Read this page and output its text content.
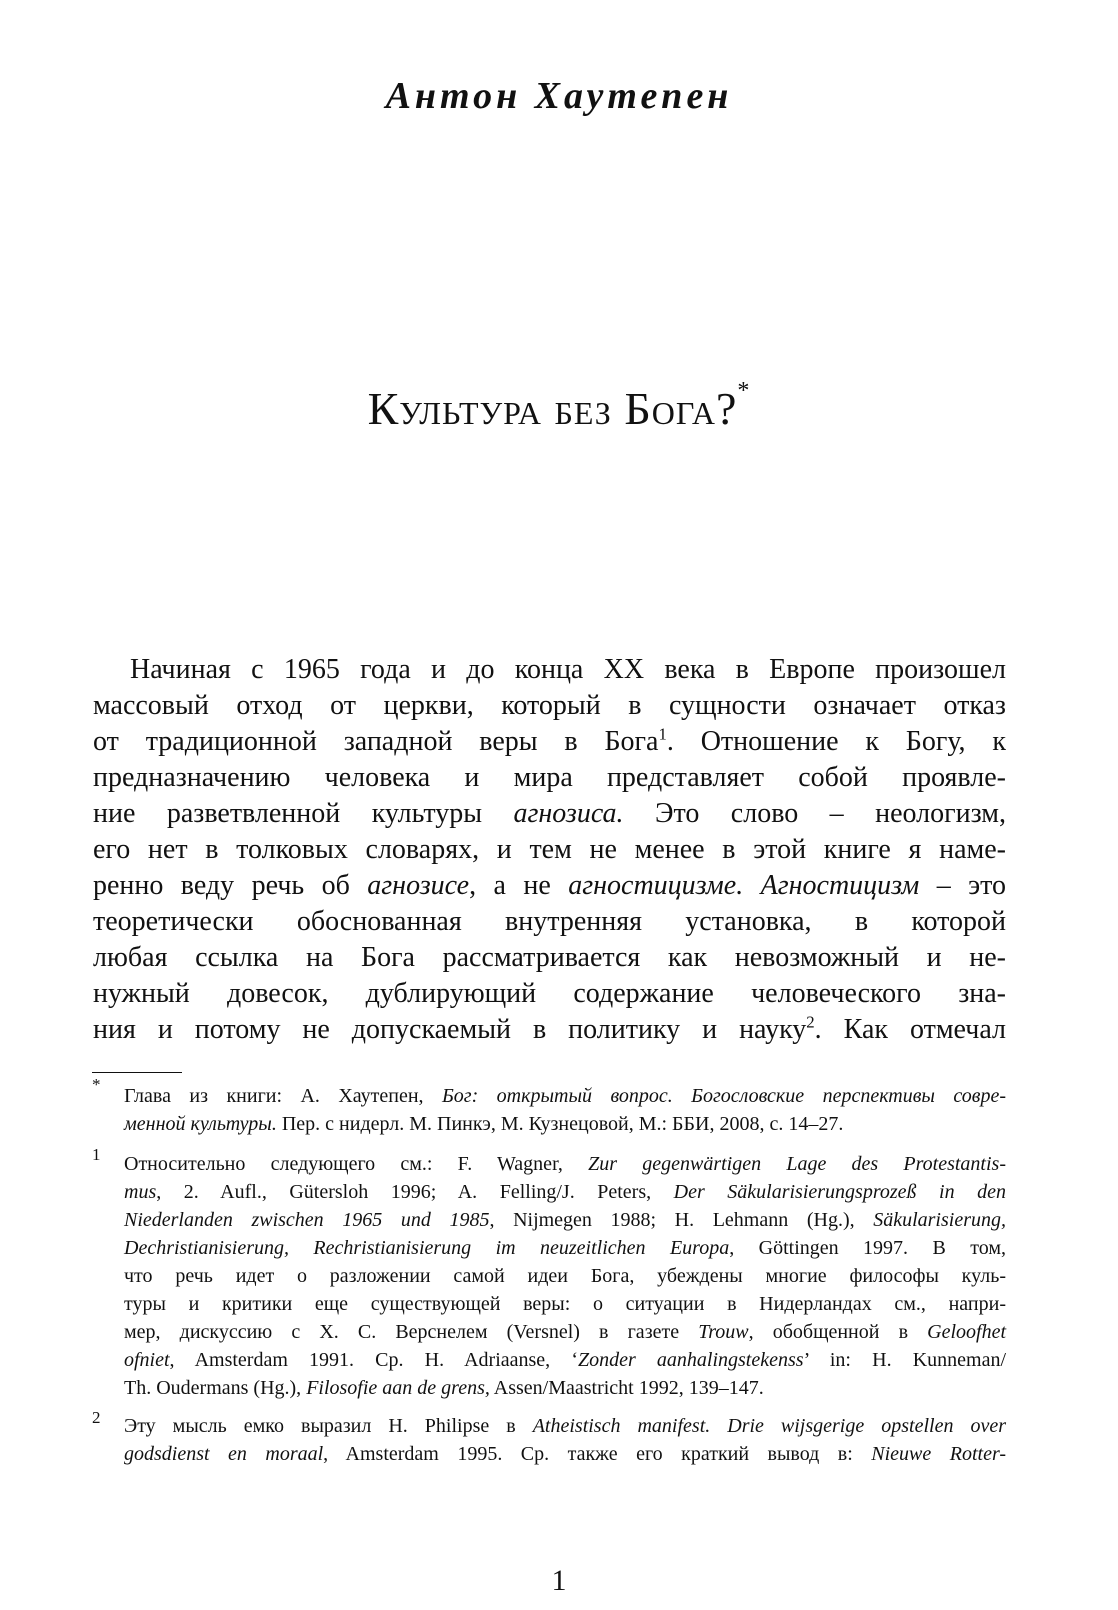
Антон Хаутепен
Культура без Бога?*
Начиная с 1965 года и до конца XX века в Европе произошел
массовый отход от церкви, который в сущности означает отказ
от традиционной западной веры в Бога$^1$. Отношение к Богу, к
предназначению человека и мира представляет собой проявле-
ние разветвленной культуры агнозиса. Это слово – неологизм,
его нет в толковых словарях, и тем не менее в этой книге я наме-
ренно веду речь об агнозисе, а не агностицизме. Агностицизм – это
теоретически обоснованная внутренняя установка, в которой
любая ссылка на Бога рассматривается как невозможный и не-
нужный довесок, дублирующий содержание человеческого зна-
ния и потому не допускаемый в политику и науку$^2$. Как отмечал
*
Глава из книги: А. Хаутепен, Бог: открытый вопрос. Богословские перспективы совре-
менной культуры. Пер. с нидерл. М. Пинкэ, М. Кузнецовой, М.: ББИ, 2008, с. 14–27.
1 Относительно следующего см.: F. Wagner, Zur gegenwärtigen Lage des Protestantis-
mus, 2. Aufl., Gütersloh 1996; A. Felling/J. Peters, Der Säkularisierungsprozeß in den
Niederlanden zwischen 1965 und 1985, Nijmegen 1988; H. Lehmann (Hg.), Säkularisierung,
Dechristianisierung, Rechristianisierung im neuzeitlichen Europa, Göttingen 1997. В том,
что речь идет о разложении самой идеи Бога, убеждены многие философы куль-
туры и критики еще существующей веры: о ситуации в Нидерландах см., напри-
мер, дискуссию с Х. С. Верснелем (Versnel) в газете Trouw, обобщенной в Geloofhet
ofniet, Amsterdam 1991. Ср. H. Adriaanse, ‘Zonder aanhalingstekenss’ in: H. Kunneman/
Th. Oudermans (Hg.), Filosofie aan de grens, Assen/Maastricht 1992, 139–147.
2 Эту мысль емко выразил H. Philipse в Atheistisch manifest. Drie wijsgerige opstellen over
godsdienst en moraal, Amsterdam 1995. Ср. также его краткий вывод в: Nieuwe Rotter-
1
